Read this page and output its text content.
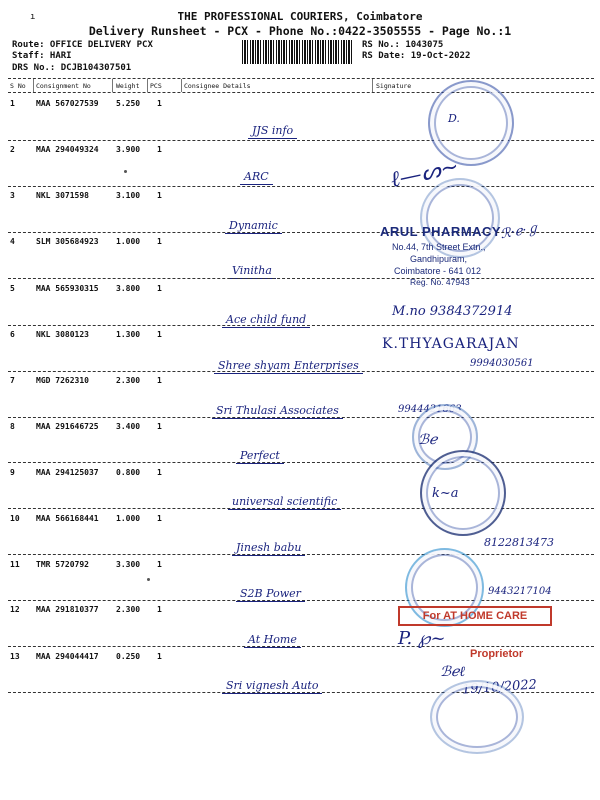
ı	THE PROFESSIONAL COURIERS, Coimbatore
Delivery Runsheet - PCX - Phone No.:0422-3505555 - Page No.:1
Route: OFFICE DELIVERY PCX
Staff: HARI
DRS No.: DCJB104307501
RS No.: 1043075
RS Date: 19-Oct-2022
S No Consignment No	Weight PCS	Consignee Details	Signature
1	MAA 567027539 5.250 1
JJS info
2	MAA 294049324 3.900 1
ARC
3	NKL 3071598	3.100 1
Dynamic
4	SLM 305684923 1.000 1
Vinitha
5	MAA 565930315 3.800 1
Ace child fund
6	NKL 3080123	1.300 1
Shree shyam Enterprises
7	MGD 7262310	2.300 1
Sri Thulasi Associates
8	MAA 291646725 3.400 1
Perfect
9	MAA 294125037 0.800 1
universal scientific
10 MAA 566168441 1.000 1
Jinesh babu
11 TMR 5720792	3.300 1
S2B Power
12 MAA 291810377 2.300 1
At Home
13 MAA 294044417 0.250 1
Sri vignesh Auto
D.
ℓ—ᔕ~
ℛ·ℯ·ℊ
ARUL PHARMACY
No.44, 7th Street Extn.,
Gandhipuram,
Coimbatore - 641 012
Reg. No. 47943
M.no 9384372914
K.THYAGARAJAN
9994030561
9944421663
ℬℯ
k~a
8122813473
9443217104
For AT HOME CARE
P. ℘~
Proprietor
ℬℯℓ
19/10/2022
